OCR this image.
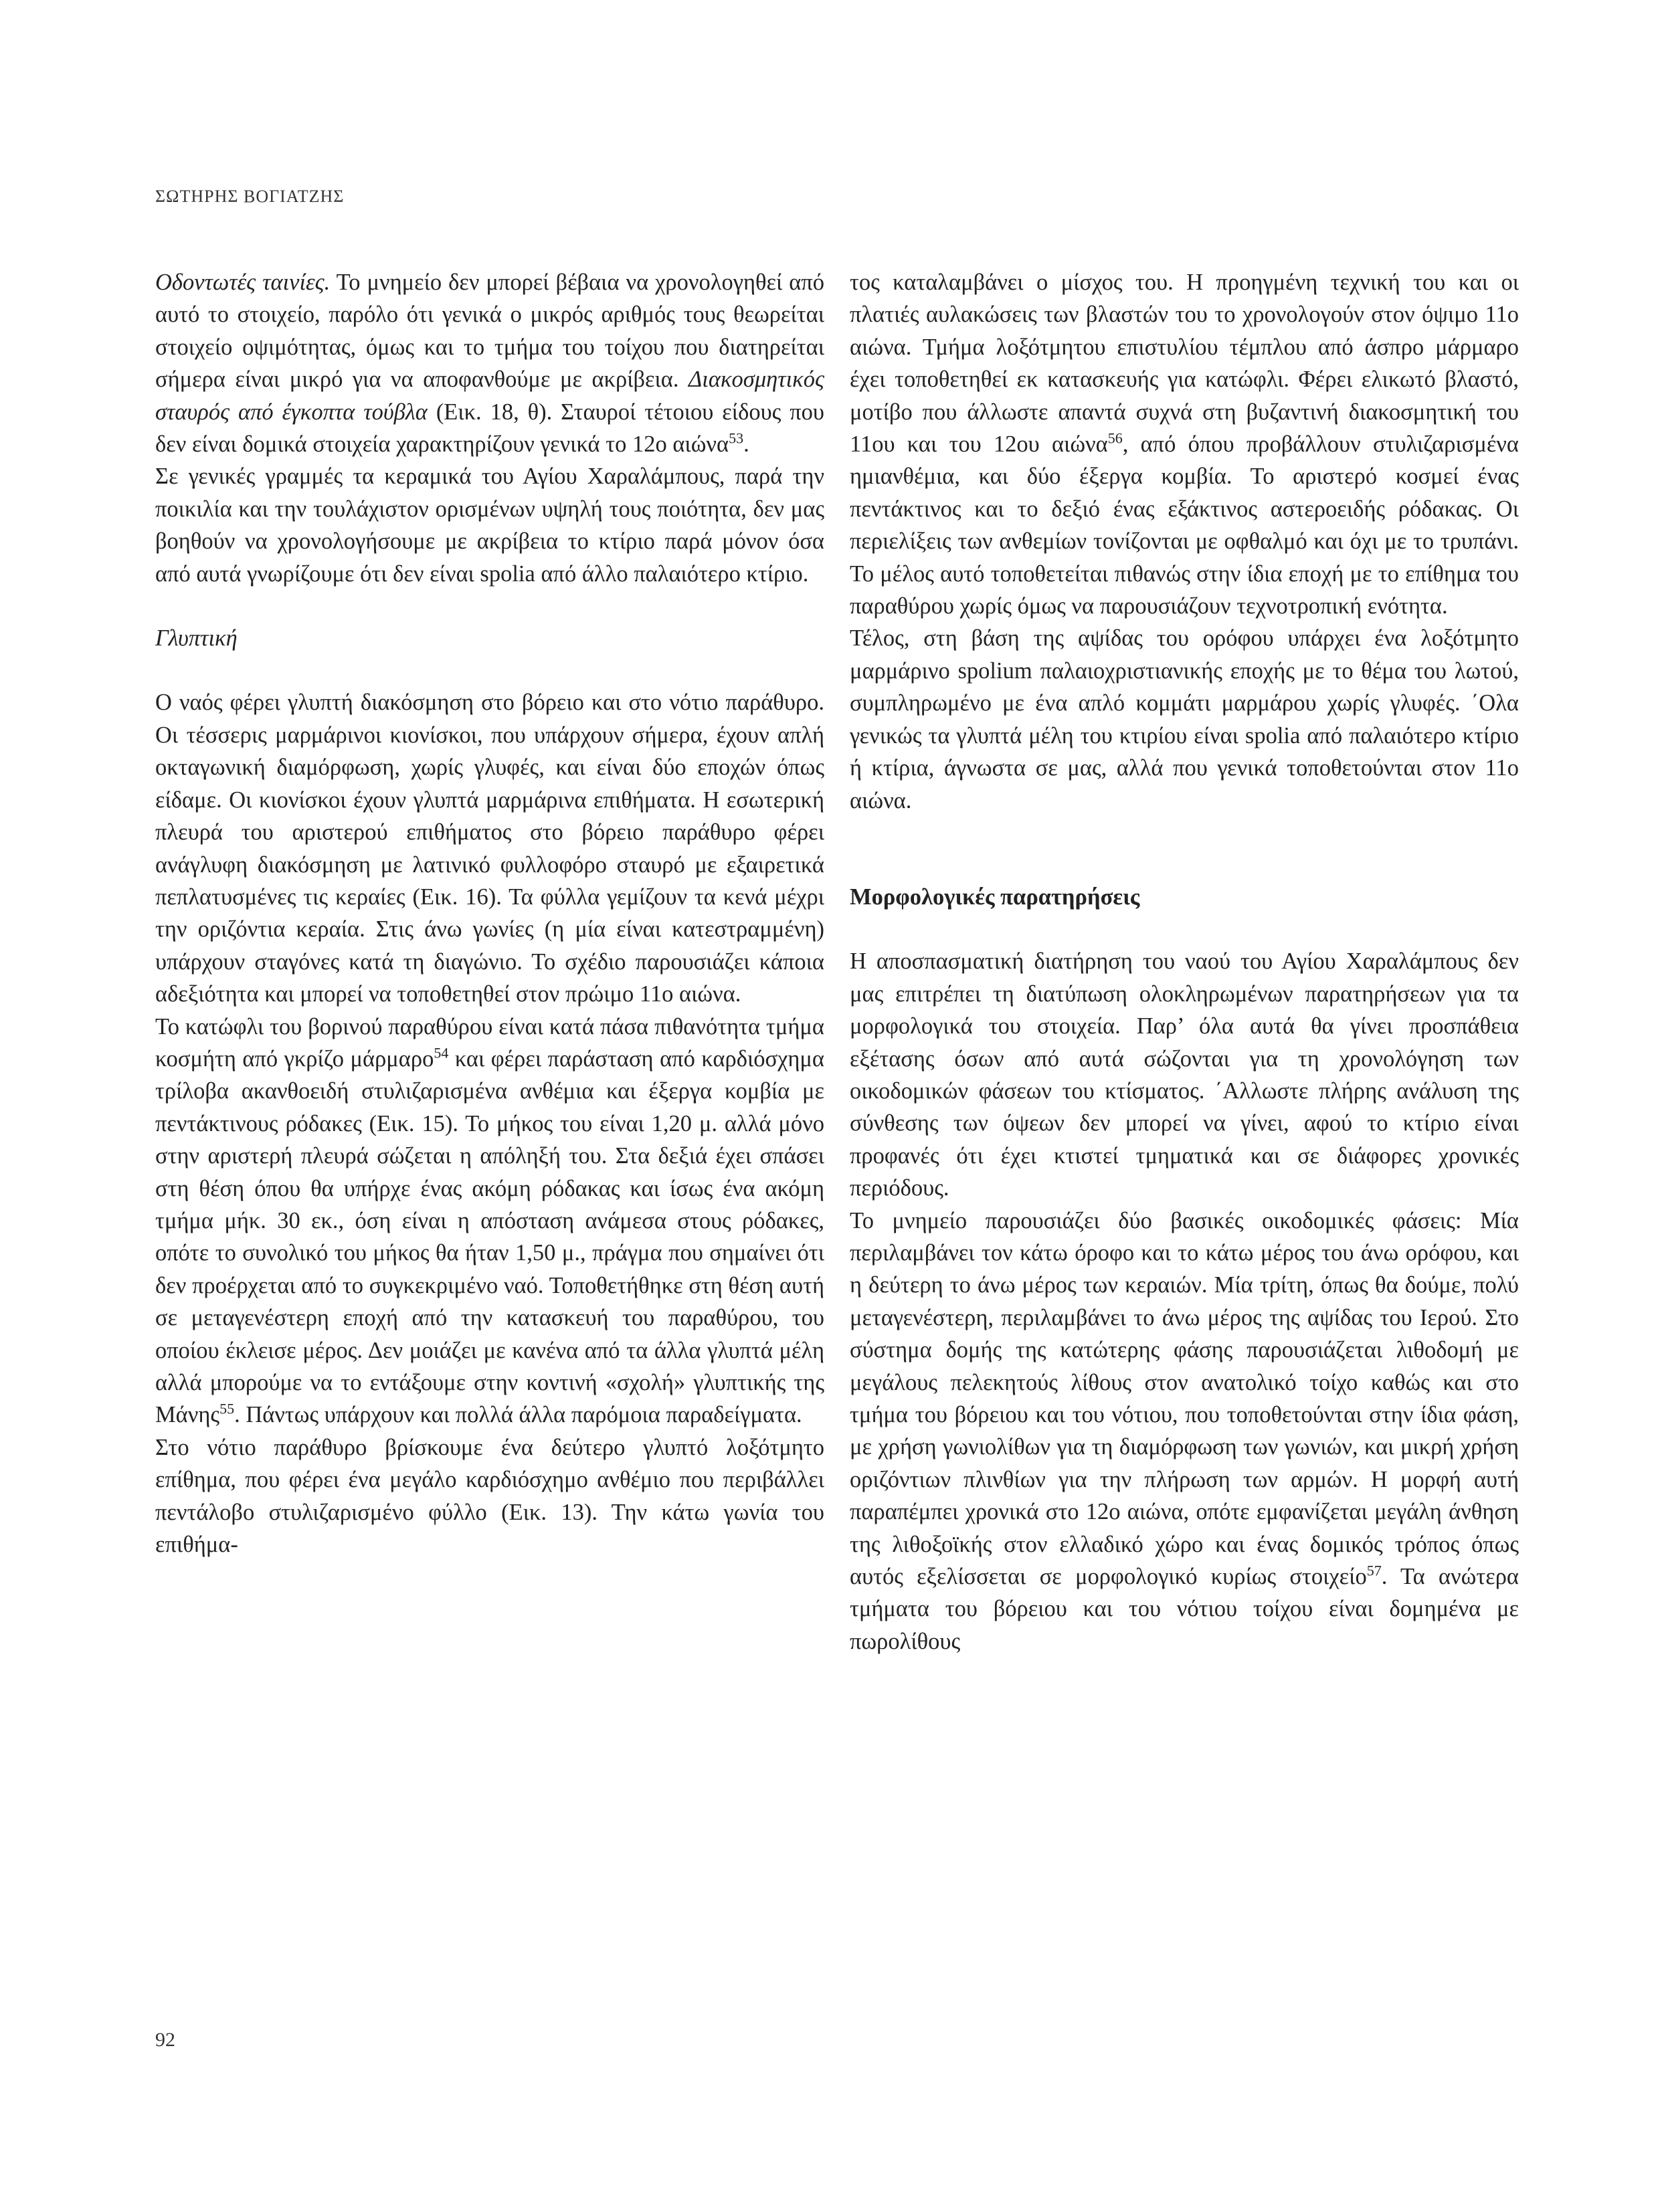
ΣΩΤΗΡΗΣ ΒΟΓΙΑΤΖΗΣ

Οδοντωτές ταινίες. Το μνημείο δεν μπορεί βέβαια να χρονολογηθεί από αυτό το στοιχείο, παρόλο ότι γενικά ο μικρός αριθμός τους θεωρείται στοιχείο οψιμότητας, όμως και το τμήμα του τοίχου που διατηρείται σήμερα είναι μικρό για να αποφανθούμε με ακρίβεια. Διακοσμητικός σταυρός από έγκοπτα τούβλα (Εικ. 18, θ). Σταυροί τέτοιου είδους που δεν είναι δομικά στοιχεία χαρακτηρίζουν γενικά το 12ο αιώνα$^{53}$.

Σε γενικές γραμμές τα κεραμικά του Αγίου Χαραλάμπους, παρά την ποικιλία και την τουλάχιστον ορισμένων υψηλή τους ποιότητα, δεν μας βοηθούν να χρονολογήσουμε με ακρίβεια το κτίριο παρά μόνον όσα από αυτά γνωρίζουμε ότι δεν είναι spolia από άλλο παλαιότερο κτίριο.

Γλυπτική

Ο ναός φέρει γλυπτή διακόσμηση στο βόρειο και στο νότιο παράθυρο. Οι τέσσερις μαρμάρινοι κιονίσκοι, που υπάρχουν σήμερα, έχουν απλή οκταγωνική διαμόρφωση, χωρίς γλυφές, και είναι δύο εποχών όπως είδαμε. Οι κιονίσκοι έχουν γλυπτά μαρμάρινα επιθήματα. Η εσωτερική πλευρά του αριστερού επιθήματος στο βόρειο παράθυρο φέρει ανάγλυφη διακόσμηση με λατινικό φυλλοφόρο σταυρό με εξαιρετικά πεπλατυσμένες τις κεραίες (Εικ. 16). Τα φύλλα γεμίζουν τα κενά μέχρι την οριζόντια κεραία. Στις άνω γωνίες (η μία είναι κατεστραμμένη) υπάρχουν σταγόνες κατά τη διαγώνιο. Το σχέδιο παρουσιάζει κάποια αδεξιότητα και μπορεί να τοποθετηθεί στον πρώιμο 11ο αιώνα.

Το κατώφλι του βορινού παραθύρου είναι κατά πάσα πιθανότητα τμήμα κοσμήτη από γκρίζο μάρμαρο$^{54}$ και φέρει παράσταση από καρδιόσχημα τρίλοβα ακανθοειδή στυλιζαρισμένα ανθέμια και έξεργα κομβία με πεντάκτινους ρόδακες (Εικ. 15). Το μήκος του είναι 1,20 μ. αλλά μόνο στην αριστερή πλευρά σώζεται η απόληξή του. Στα δεξιά έχει σπάσει στη θέση όπου θα υπήρχε ένας ακόμη ρόδακας και ίσως ένα ακόμη τμήμα μήκ. 30 εκ., όση είναι η απόσταση ανάμεσα στους ρόδακες, οπότε το συνολικό του μήκος θα ήταν 1,50 μ., πράγμα που σημαίνει ότι δεν προέρχεται από το συγκεκριμένο ναό. Τοποθετήθηκε στη θέση αυτή σε μεταγενέστερη εποχή από την κατασκευή του παραθύρου, του οποίου έκλεισε μέρος. Δεν μοιάζει με κανένα από τα άλλα γλυπτά μέλη αλλά μπορούμε να το εντάξουμε στην κοντινή «σχολή» γλυπτικής της Μάνης$^{55}$. Πάντως υπάρχουν και πολλά άλλα παρόμοια παραδείγματα.

Στο νότιο παράθυρο βρίσκουμε ένα δεύτερο γλυπτό λοξότμητο επίθημα, που φέρει ένα μεγάλο καρδιόσχημο ανθέμιο που περιβάλλει πεντάλοβο στυλιζαρισμένο φύλλο (Εικ. 13). Την κάτω γωνία του επιθήμα-

τος καταλαμβάνει ο μίσχος του. Η προηγμένη τεχνική του και οι πλατιές αυλακώσεις των βλαστών του το χρονολογούν στον όψιμο 11ο αιώνα. Τμήμα λοξότμητου επιστυλίου τέμπλου από άσπρο μάρμαρο έχει τοποθετηθεί εκ κατασκευής για κατώφλι. Φέρει ελικωτό βλαστό, μοτίβο που άλλωστε απαντά συχνά στη βυζαντινή διακοσμητική του 11ου και του 12ου αιώνα$^{56}$, από όπου προβάλλουν στυλιζαρισμένα ημιανθέμια, και δύο έξεργα κομβία. Το αριστερό κοσμεί ένας πεντάκτινος και το δεξιό ένας εξάκτινος αστεροειδής ρόδακας. Οι περιελίξεις των ανθεμίων τονίζονται με οφθαλμό και όχι με το τρυπάνι. Το μέλος αυτό τοποθετείται πιθανώς στην ίδια εποχή με το επίθημα του παραθύρου χωρίς όμως να παρουσιάζουν τεχνοτροπική ενότητα.

Τέλος, στη βάση της αψίδας του ορόφου υπάρχει ένα λοξότμητο μαρμάρινο spolium παλαιοχριστιανικής εποχής με το θέμα του λωτού, συμπληρωμένο με ένα απλό κομμάτι μαρμάρου χωρίς γλυφές. ΄Ολα γενικώς τα γλυπτά μέλη του κτιρίου είναι spolia από παλαιότερο κτίριο ή κτίρια, άγνωστα σε μας, αλλά που γενικά τοποθετούνται στον 11ο αιώνα.

Μορφολογικές παρατηρήσεις

Η αποσπασματική διατήρηση του ναού του Αγίου Χαραλάμπους δεν μας επιτρέπει τη διατύπωση ολοκληρωμένων παρατηρήσεων για τα μορφολογικά του στοιχεία. Παρ’ όλα αυτά θα γίνει προσπάθεια εξέτασης όσων από αυτά σώζονται για τη χρονολόγηση των οικοδομικών φάσεων του κτίσματος. ΄Αλλωστε πλήρης ανάλυση της σύνθεσης των όψεων δεν μπορεί να γίνει, αφού το κτίριο είναι προφανές ότι έχει κτιστεί τμηματικά και σε διάφορες χρονικές περιόδους.

Το μνημείο παρουσιάζει δύο βασικές οικοδομικές φάσεις: Μία περιλαμβάνει τον κάτω όροφο και το κάτω μέρος του άνω ορόφου, και η δεύτερη το άνω μέρος των κεραιών. Μία τρίτη, όπως θα δούμε, πολύ μεταγενέστερη, περιλαμβάνει το άνω μέρος της αψίδας του Ιερού. Στο σύστημα δομής της κατώτερης φάσης παρουσιάζεται λιθοδομή με μεγάλους πελεκητούς λίθους στον ανατολικό τοίχο καθώς και στο τμήμα του βόρειου και του νότιου, που τοποθετούνται στην ίδια φάση, με χρήση γωνιολίθων για τη διαμόρφωση των γωνιών, και μικρή χρήση οριζόντιων πλινθίων για την πλήρωση των αρμών. Η μορφή αυτή παραπέμπει χρονικά στο 12ο αιώνα, οπότε εμφανίζεται μεγάλη άνθηση της λιθοξοϊκής στον ελλαδικό χώρο και ένας δομικός τρόπος όπως αυτός εξελίσσεται σε μορφολογικό κυρίως στοιχείο$^{57}$. Τα ανώτερα τμήματα του βόρειου και του νότιου τοίχου είναι δομημένα με πωρολίθους

92
